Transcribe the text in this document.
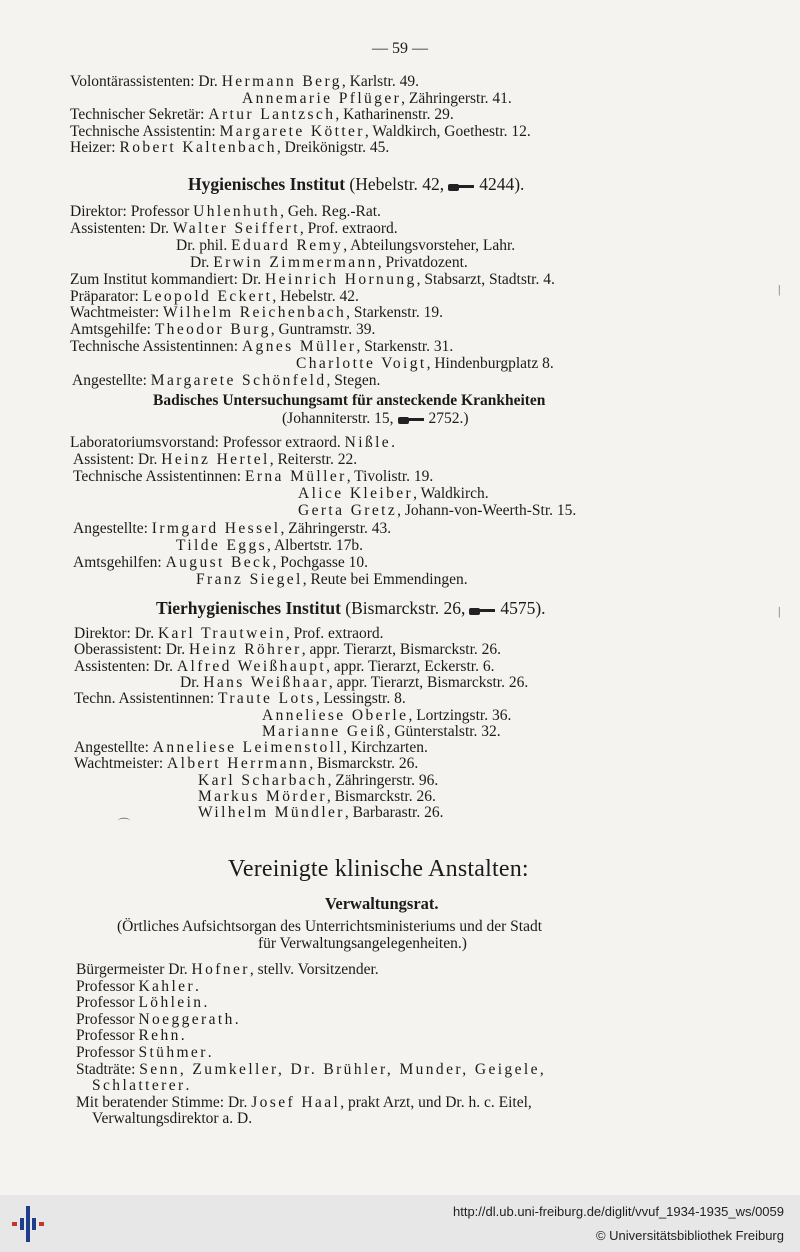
— 59 —
Volontärassistenten: Dr. Hermann Berg, Karlstr. 49.
Annemarie Pflüger, Zähringerstr. 41.
Technischer Sekretär: Artur Lantzsch, Katharinenstr. 29.
Technische Assistentin: Margarete Kötter, Waldkirch, Goethestr. 12.
Heizer: Robert Kaltenbach, Dreikönigstr. 45.
Hygienisches Institut (Hebelstr. 42, 4244).
Direktor: Professor Uhlenhuth, Geh. Reg.-Rat.
Assistenten: Dr. Walter Seiffert, Prof. extraord.
Dr. phil. Eduard Remy, Abteilungsvorsteher, Lahr.
Dr. Erwin Zimmermann, Privatdozent.
Zum Institut kommandiert: Dr. Heinrich Hornung, Stabsarzt, Stadtstr. 4.
Präparator: Leopold Eckert, Hebelstr. 42.
Wachtmeister: Wilhelm Reichenbach, Starkenstr. 19.
Amtsgehilfe: Theodor Burg, Guntramstr. 39.
Technische Assistentinnen: Agnes Müller, Starkenstr. 31.
Charlotte Voigt, Hindenburgplatz 8.
Angestellte: Margarete Schönfeld, Stegen.
Badisches Untersuchungsamt für ansteckende Krankheiten
(Johanniterstr. 15, 2752.)
Laboratoriumsvorstand: Professor extraord. Nißle.
Assistent: Dr. Heinz Hertel, Reiterstr. 22.
Technische Assistentinnen: Erna Müller, Tivolistr. 19.
Alice Kleiber, Waldkirch.
Gerta Gretz, Johann-von-Weerth-Str. 15.
Angestellte: Irmgard Hessel, Zähringerstr. 43.
Tilde Eggs, Albertstr. 17b.
Amtsgehilfen: August Beck, Pochgasse 10.
Franz Siegel, Reute bei Emmendingen.
Tierhygienisches Institut (Bismarckstr. 26, 4575).
Direktor: Dr. Karl Trautwein, Prof. extraord.
Oberassistent: Dr. Heinz Röhrer, appr. Tierarzt, Bismarckstr. 26.
Assistenten: Dr. Alfred Weißhaupt, appr. Tierarzt, Eckerstr. 6.
Dr. Hans Weißhaar, appr. Tierarzt, Bismarckstr. 26.
Techn. Assistentinnen: Traute Lots, Lessingstr. 8.
Anneliese Oberle, Lortzingstr. 36.
Marianne Geiß, Günterstalstr. 32.
Angestellte: Anneliese Leimenstoll, Kirchzarten.
Wachtmeister: Albert Herrmann, Bismarckstr. 26.
Karl Scharbach, Zähringerstr. 96.
Markus Mörder, Bismarckstr. 26.
Wilhelm Mündler, Barbarastr. 26.
Vereinigte klinische Anstalten:
Verwaltungsrat.
(Örtliches Aufsichtsorgan des Unterrichtsministeriums und der Stadt
für Verwaltungsangelegenheiten.)
Bürgermeister Dr. Hofner, stellv. Vorsitzender.
Professor Kahler.
Professor Löhlein.
Professor Noeggerath.
Professor Rehn.
Professor Stühmer.
Stadträte: Senn, Zumkeller, Dr. Brühler, Munder, Geigele,
Schlatterer.
Mit beratender Stimme: Dr. Josef Haal, prakt Arzt, und Dr. h. c. Eitel,
Verwaltungsdirektor a. D.
⌒
|
|
http://dl.ub.uni-freiburg.de/diglit/vvuf_1934-1935_ws/0059
© Universitätsbibliothek Freiburg
